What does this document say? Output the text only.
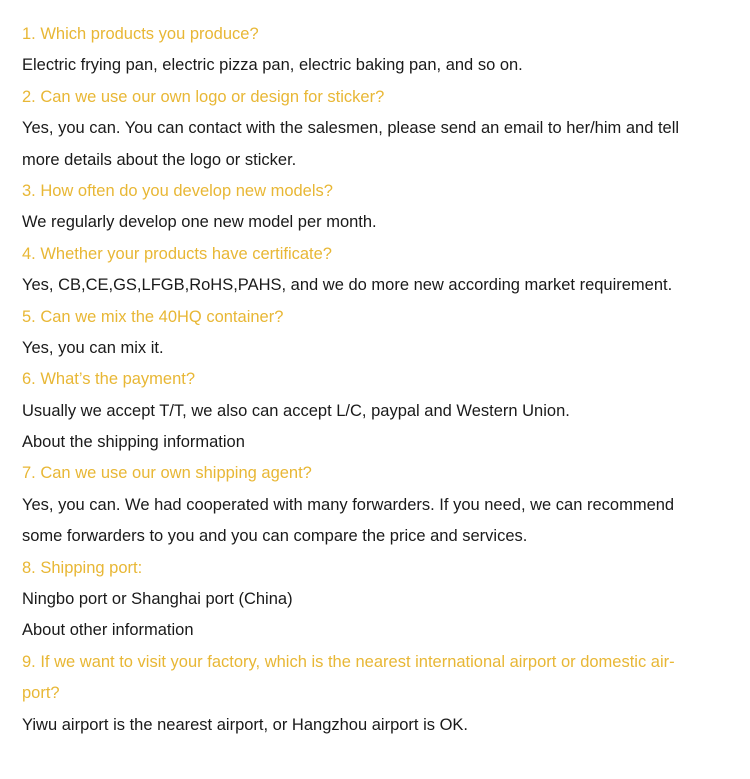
1. Which products you produce?
Electric frying pan, electric pizza pan, electric baking pan, and so on.
2. Can we use our own logo or design for sticker?
Yes, you can. You can contact with the salesmen, please send an email to her/him and tell
more details about the logo or sticker.
3. How often do you develop new models?
We regularly develop one new model per month.
4. Whether your products have certificate?
Yes, CB,CE,GS,LFGB,RoHS,PAHS, and we do more new according market requirement.
5. Can we mix the 40HQ container?
Yes, you can mix it.
6. What’s the payment?
Usually we accept T/T, we also can accept L/C, paypal and Western Union.
About the shipping information
7. Can we use our own shipping agent?
Yes, you can. We had cooperated with many forwarders. If you need, we can recommend
some forwarders to you and you can compare the price and services.
8. Shipping port:
Ningbo port or Shanghai port (China)
About other information
9. If we want to visit your factory, which is the nearest international airport or domestic air-
port?
Yiwu airport is the nearest airport, or Hangzhou airport is OK.
